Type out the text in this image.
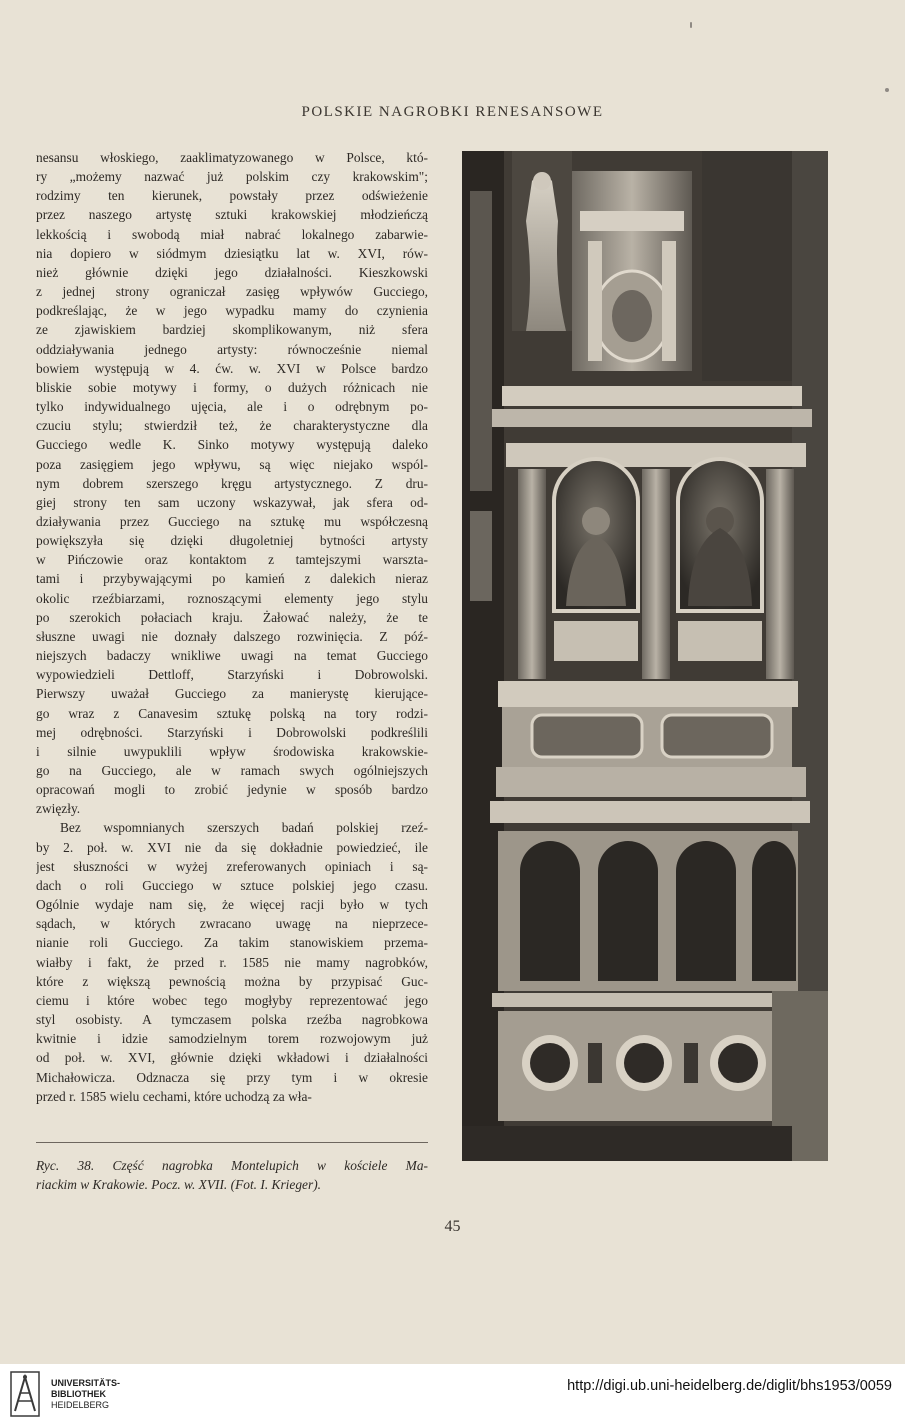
POLSKIE NAGROBKI RENESANSOWE
nesansu włoskiego, zaaklimatyzowanego w Polsce, któ-
ry „możemy nazwać już polskim czy krakowskim";
rodzimy ten kierunek, powstały przez odświeżenie
przez naszego artystę sztuki krakowskiej młodzieńczą
lekkością i swobodą miał nabrać lokalnego zabarwie-
nia dopiero w siódmym dziesiątku lat w. XVI, rów-
nież głównie dzięki jego działalności. Kieszkowski
z jednej strony ograniczał zasięg wpływów Gucciego,
podkreślając, że w jego wypadku mamy do czynienia
ze zjawiskiem bardziej skomplikowanym, niż sfera
oddziaływania jednego artysty: równocześnie niemal
bowiem występują w 4. ćw. w. XVI w Polsce bardzo
bliskie sobie motywy i formy, o dużych różnicach nie
tylko indywidualnego ujęcia, ale i o odrębnym po-
czuciu stylu; stwierdził też, że charakterystyczne dla
Gucciego wedle K. Sinko motywy występują daleko
poza zasięgiem jego wpływu, są więc niejako wspól-
nym dobrem szerszego kręgu artystycznego. Z dru-
giej strony ten sam uczony wskazywał, jak sfera od-
działywania przez Gucciego na sztukę mu współczesną
powiększyła się dzięki długoletniej bytności artysty
w Pińczowie oraz kontaktom z tamtejszymi warszta-
tami i przybywającymi po kamień z dalekich nieraz
okolic rzeźbiarzami, roznoszącymi elementy jego stylu
po szerokich połaciach kraju. Żałować należy, że te
słuszne uwagi nie doznały dalszego rozwinięcia. Z póź-
niejszych badaczy wnikliwe uwagi na temat Gucciego
wypowiedzieli Dettloff, Starzyński i Dobrowolski.
Pierwszy uważał Gucciego za manierystę kierujące-
go wraz z Canavesim sztukę polską na tory rodzi-
mej odrębności. Starzyński i Dobrowolski podkreślili
i silnie uwypuklili wpływ środowiska krakowskie-
go na Gucciego, ale w ramach swych ogólniejszych
opracowań mogli to zrobić jedynie w sposób bardzo
zwięzły.
Bez wspomnianych szerszych badań polskiej rzeź-
by 2. poł. w. XVI nie da się dokładnie powiedzieć, ile
jest słuszności w wyżej zreferowanych opiniach i są-
dach o roli Gucciego w sztuce polskiej jego czasu.
Ogólnie wydaje nam się, że więcej racji było w tych
sądach, w których zwracano uwagę na nieprzece-
nianie roli Gucciego. Za takim stanowiskiem przema-
wiałby i fakt, że przed r. 1585 nie mamy nagrobków,
które z większą pewnością można by przypisać Guc-
ciemu i które wobec tego mogłyby reprezentować jego
styl osobisty. A tymczasem polska rzeźba nagrobkowa
kwitnie i idzie samodzielnym torem rozwojowym już
od poł. w. XVI, głównie dzięki wkładowi i działalności
Michałowicza. Odznacza się przy tym i w okresie
przed r. 1585 wielu cechami, które uchodzą za wła-
Ryc. 38. Część nagrobka Montelupich w kościele Ma-
riackim w Krakowie. Pocz. w. XVII. (Fot. I. Krieger).
45
UNIVERSITÄTS-
BIBLIOTHEK
HEIDELBERG
http://digi.ub.uni-heidelberg.de/diglit/bhs1953/0059
